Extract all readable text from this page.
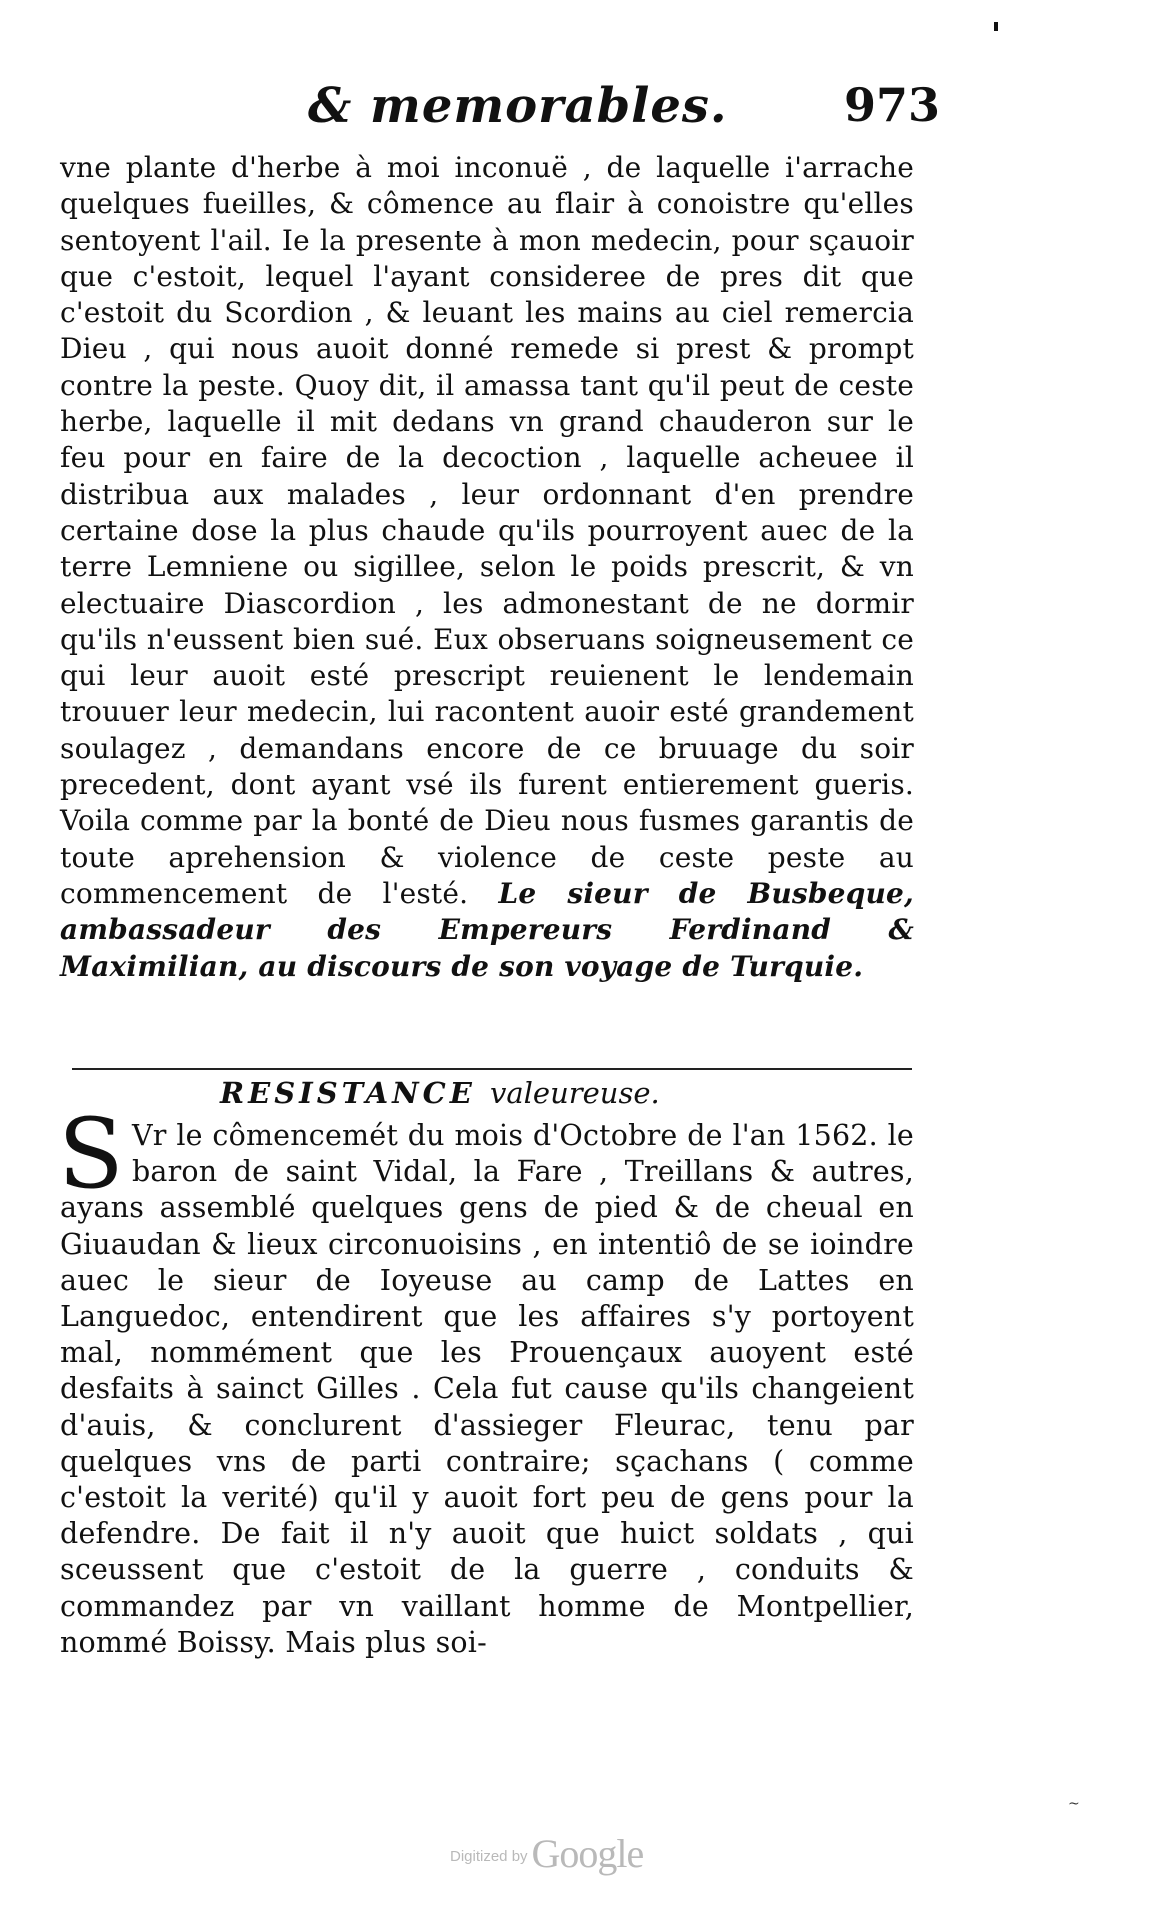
& memorables.	973
vne plante d'herbe à moi inconuë , de laquelle i'arrache quelques fueilles, & cômence au flair à conoistre qu'elles sentoyent l'ail. Ie la presente à mon medecin, pour sçauoir que c'estoit, lequel l'ayant consideree de pres dit que c'estoit du Scordion , & leuant les mains au ciel remercia Dieu , qui nous auoit donné remede si prest & prompt contre la peste. Quoy dit, il amassa tant qu'il peut de ceste herbe, laquelle il mit dedans vn grand chauderon sur le feu pour en faire de la decoction , laquelle acheuee il distribua aux malades , leur ordonnant d'en prendre certaine dose la plus chaude qu'ils pourroyent auec de la terre Lemniene ou sigillee, selon le poids prescrit, & vn electuaire Diascordion , les admonestant de ne dormir qu'ils n'eussent bien sué. Eux obseruans soigneusement ce qui leur auoit esté prescript reuienent le lendemain trouuer leur medecin, lui racontent auoir esté grandement soulagez , demandans encore de ce bruuage du soir precedent, dont ayant vsé ils furent entierement gueris. Voila comme par la bonté de Dieu nous fusmes garantis de toute aprehension & violence de ceste peste au commencement de l'esté. Le sieur de Busbeque, ambassadeur des Empereurs Ferdinand & Maximilian, au discours de son voyage de Turquie.
RESISTANCE valeureuse.
S Vr le cômencemét du mois d'Octobre de l'an 1562. le baron de saint Vidal, la Fare , Treillans & autres, ayans assemblé quelques gens de pied & de cheual en Giuaudan & lieux circonuoisins , en intentiô de se ioindre auec le sieur de Ioyeuse au camp de Lattes en Languedoc, entendirent que les affaires s'y portoyent mal, nommément que les Prouençaux auoyent esté desfaits à sainct Gilles . Cela fut cause qu'ils changeient d'auis, & conclurent d'assieger Fleurac, tenu par quelques vns de parti contraire; sçachans ( comme c'estoit la verité) qu'il y auoit fort peu de gens pour la defendre. De fait il n'y auoit que huict soldats , qui sceussent que c'estoit de la guerre , conduits & commandez par vn vaillant homme de Montpellier, nommé Boissy. Mais plus soi-
~
Digitized by Google
